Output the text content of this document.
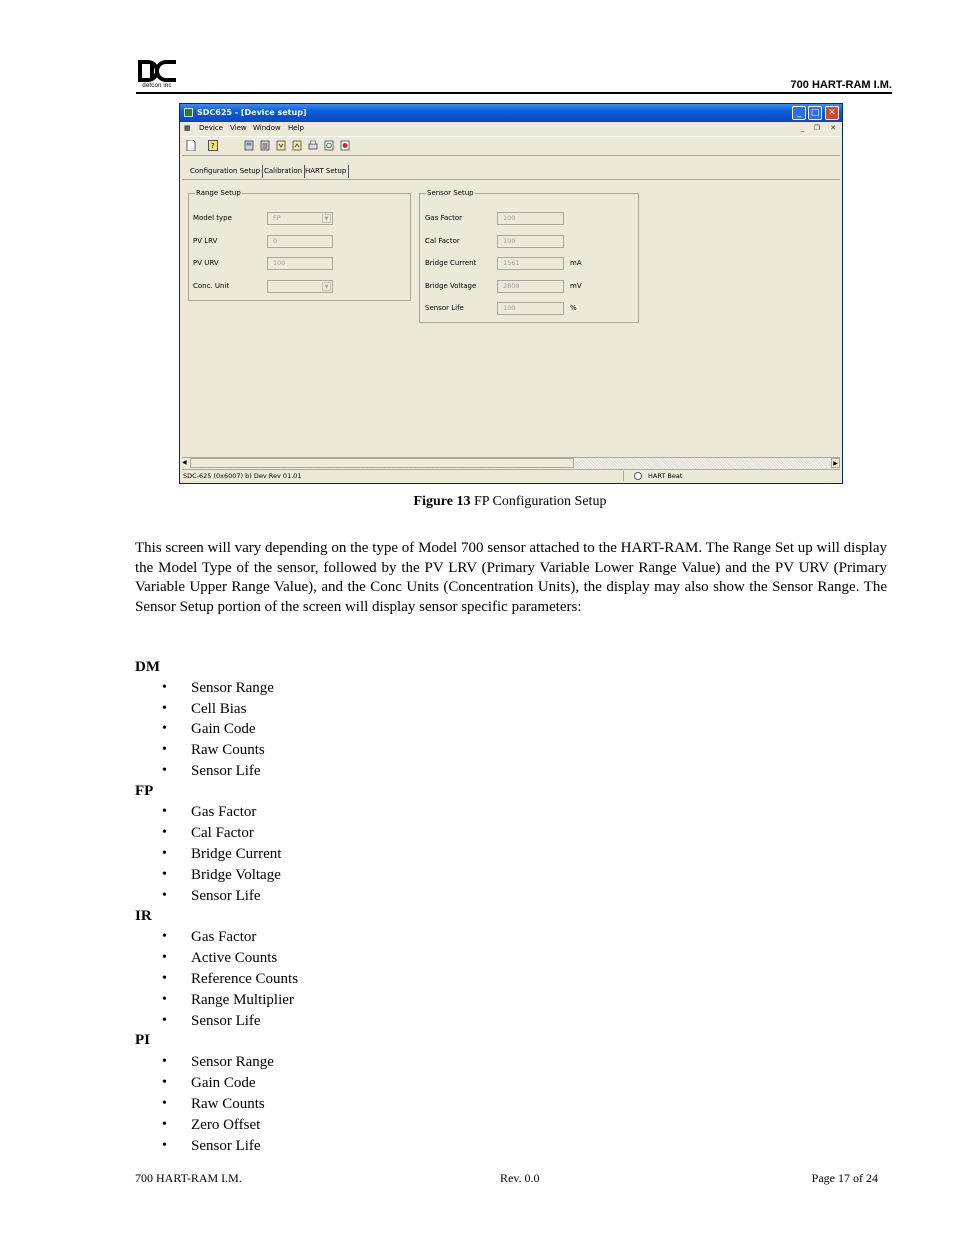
detcon inc	700 HART-RAM I.M.
SDC625 - [Device setup]	_	□ ✕
▦ Device View Window Help	_ ❐ ✕
?
Configuration Setup Calibration HART Setup
Range Setup
Model type	FP	▼
PV LRV	0
PV URV	100
Conc. Unit	▼
Sensor Setup
Gas Factor	100
Cal Factor	100
Bridge Current	1561	mA
Bridge Voltage	2808	mV
Sensor Life	100	%
◀	▶
SDC-625 (0x6007) b) Dev Rev 01.01	HART Beat
Figure 13 FP Configuration Setup
This screen will vary depending on the type of Model 700 sensor attached to the HART-RAM. The Range Set up will display the Model Type of the sensor, followed by the PV LRV (Primary Variable Lower Range Value) and the PV URV (Primary Variable Upper Range Value), and the Conc Units (Concentration Units), the display may also show the Sensor Range. The Sensor Setup portion of the screen will display sensor specific parameters:
DM
• Sensor Range
• Cell Bias
• Gain Code
• Raw Counts
• Sensor Life
FP
• Gas Factor
• Cal Factor
• Bridge Current
• Bridge Voltage
• Sensor Life
IR
• Gas Factor
• Active Counts
• Reference Counts
• Range Multiplier
• Sensor Life
PI
• Sensor Range
• Gain Code
• Raw Counts
• Zero Offset
• Sensor Life
700 HART-RAM I.M.	Rev. 0.0	Page 17 of 24
